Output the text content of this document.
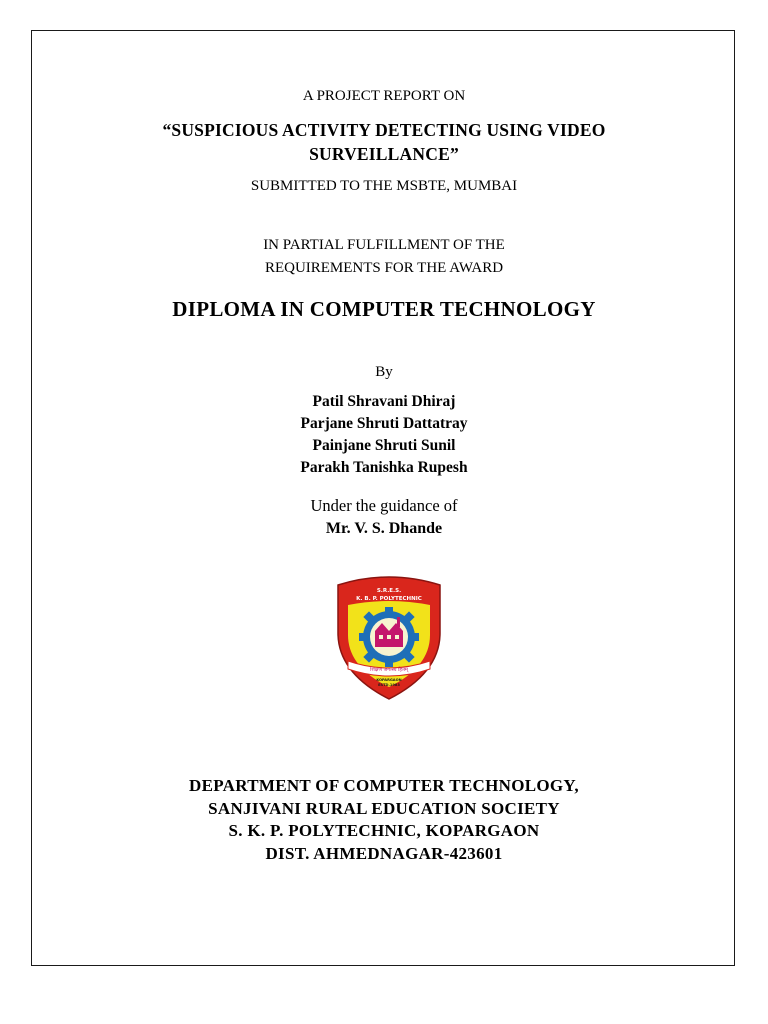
A PROJECT REPORT ON
“SUSPICIOUS ACTIVITY DETECTING USING VIDEO
SURVEILLANCE”
SUBMITTED TO THE MSBTE, MUMBAI
IN PARTIAL FULFILLMENT OF THE
REQUIREMENTS FOR THE AWARD
DIPLOMA IN COMPUTER TECHNOLOGY
By
Patil Shravani Dhiraj
Parjane Shruti Dattatray
Painjane Shruti Sunil
Parakh Tanishka Rupesh
Under the guidance of
Mr. V. S. Dhande
S.R.E.S.
K. B. P. POLYTECHNIC
शिक्षणं जगत्स्य हितम्
KOPARGAON
ESTD.1983
DEPARTMENT OF COMPUTER TECHNOLOGY,
SANJIVANI RURAL EDUCATION SOCIETY
S. K. P. POLYTECHNIC, KOPARGAON
DIST. AHMEDNAGAR-423601
